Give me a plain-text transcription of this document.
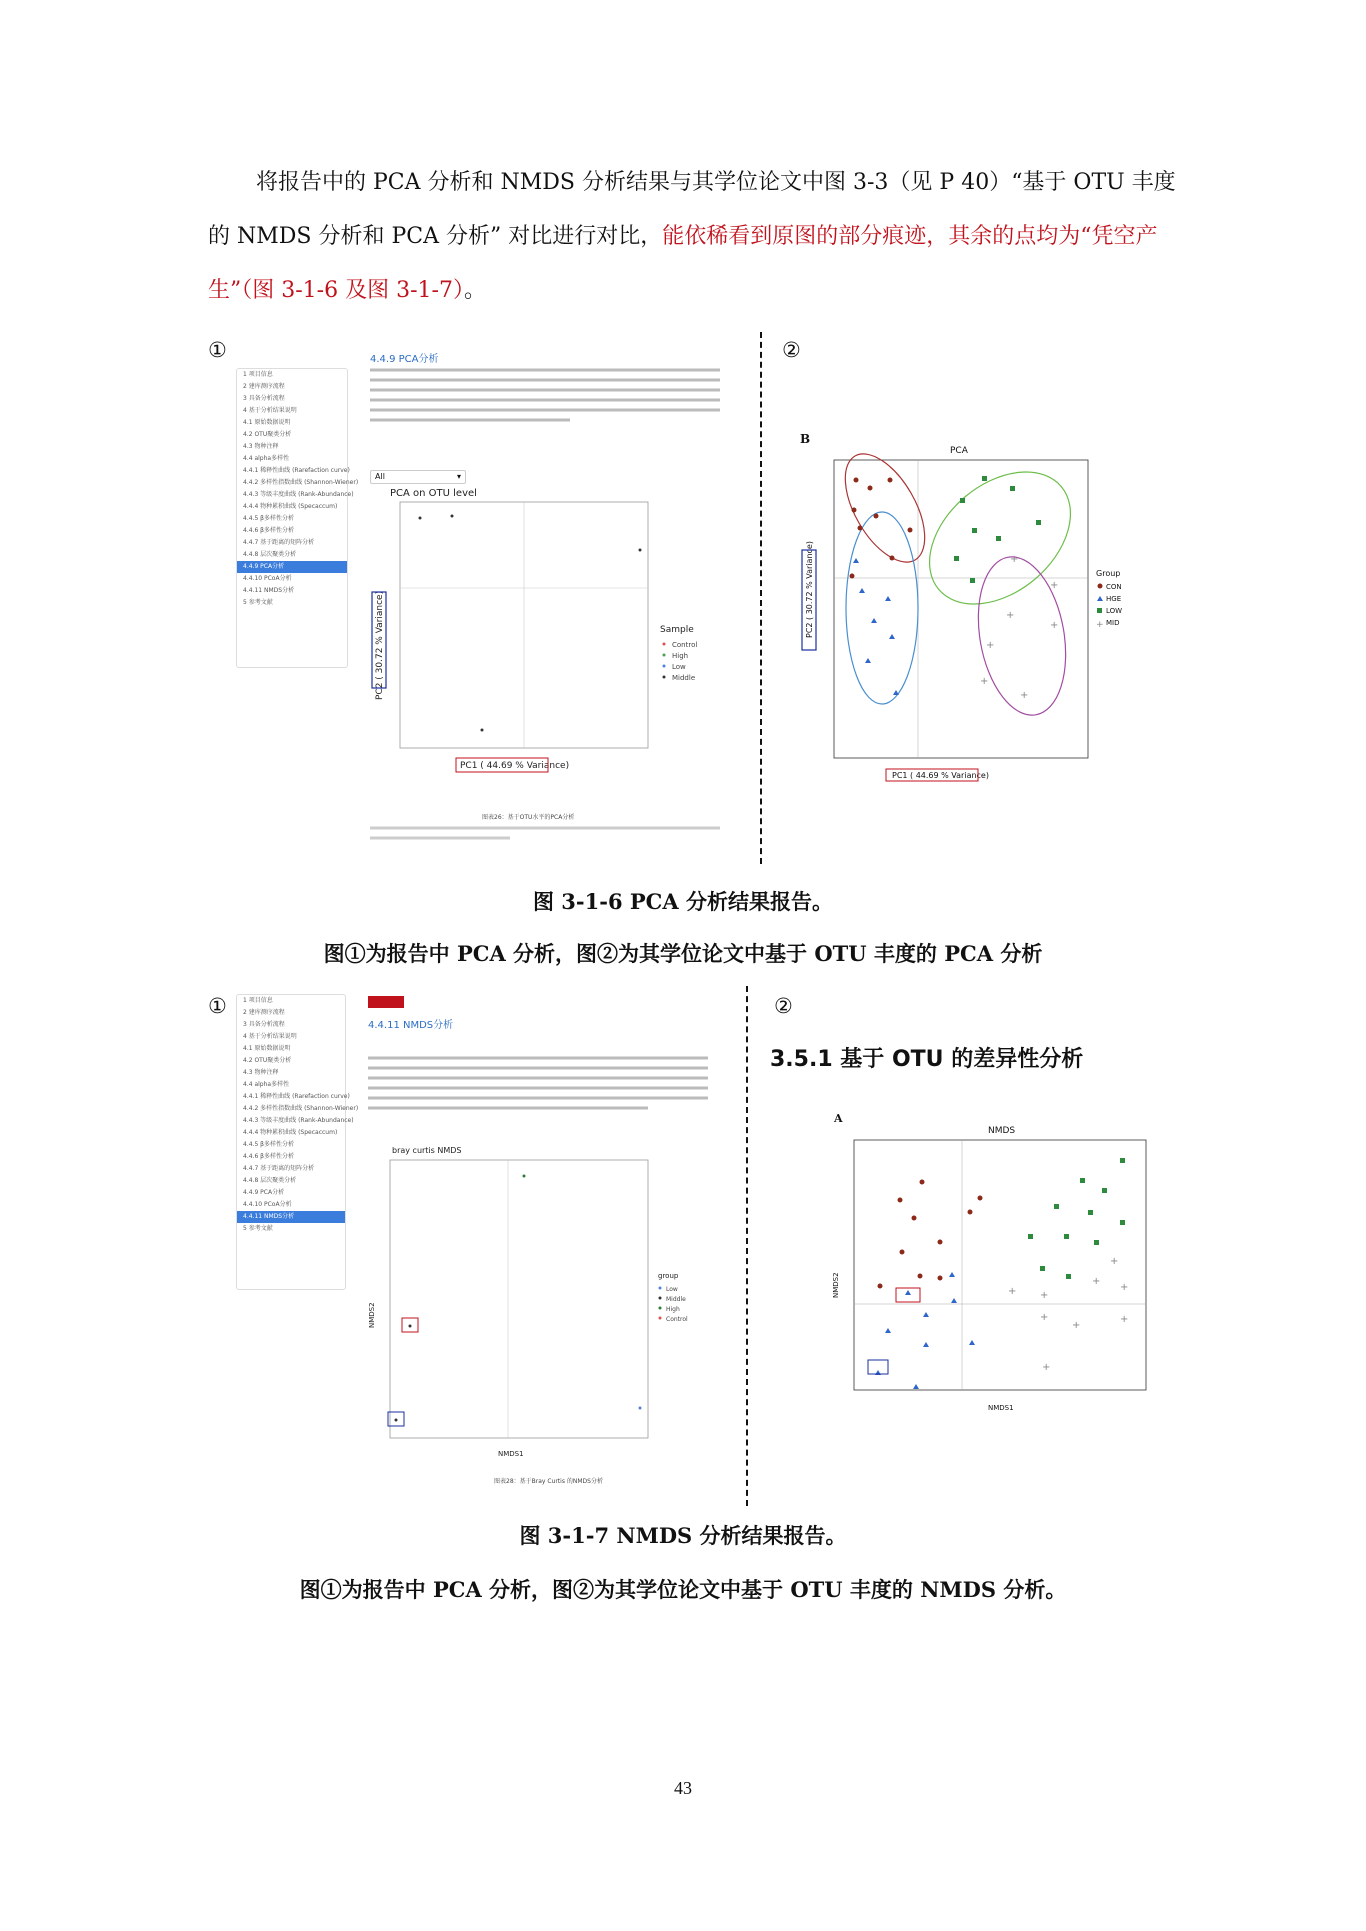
将报告中的 PCA 分析和 NMDS 分析结果与其学位论文中图 3-3（见 P 40）“基于 OTU 丰度的 NMDS 分析和 PCA 分析” 对比进行对比，能依稀看到原图的部分痕迹，其余的点均为“凭空产生”（图 3-1-6 及图 3-1-7）。
①	②
1 项目信息
2 建库测序流程
3 具备分析流程
4 基于分析结果说明
4.1 原始数据说明
4.2 OTU聚类分析
4.3 物种注释
4.4 alpha多样性
4.4.1 稀释性曲线 (Rarefaction curve)
4.4.2 多样性指数曲线 (Shannon-Wiener)
4.4.3 等级丰度曲线 (Rank-Abundance)
4.4.4 物种累积曲线 (Specaccum)
4.4.5 β多样性分析
4.4.6 β多样性分析
4.4.7 基于距离的矩阵分析
4.4.8 层次聚类分析
4.4.9 PCA分析
4.4.10 PCoA分析
4.4.11 NMDS分析
5 参考文献
4.4.9 PCA分析
All	▾
PCA on OTU level
PC1 ( 44.69 % Variance)
PC2 ( 30.72 % Variance)	Sample
Control
High
Low
Middle
图表26：基于OTU水平的PCA分析
B
PCA
+
+
+
+
+
+
+
PC1 ( 44.69 % Variance)
PC2 ( 30.72 % Variance)	Group
CON
HGE
LOW
+ MID
图 3-1-6 PCA 分析结果报告。
图①为报告中 PCA 分析，图②为其学位论文中基于 OTU 丰度的 PCA 分析
①	②
1 项目信息
2 建库测序流程
3 具备分析流程
4 基于分析结果说明
4.1 原始数据说明
4.2 OTU聚类分析
4.3 物种注释
4.4 alpha多样性
4.4.1 稀释性曲线 (Rarefaction curve)
4.4.2 多样性指数曲线 (Shannon-Wiener)
4.4.3 等级丰度曲线 (Rank-Abundance)
4.4.4 物种累积曲线 (Specaccum)
4.4.5 β多样性分析
4.4.6 β多样性分析
4.4.7 基于距离的矩阵分析
4.4.8 层次聚类分析
4.4.9 PCA分析
4.4.10 PCoA分析
4.4.11 NMDS分析
5 参考文献
4.4.11 NMDS分析
bray curtis NMDS
NMDS2
NMDS1
group
Low
Middle
High
Control
图表28：基于Bray Curtis 的NMDS分析
3.5.1 基于 OTU 的差异性分析
A
NMDS
+
+
+ +
+
+
+
+
+
NMDS2
NMDS1
图 3-1-7 NMDS 分析结果报告。
图①为报告中 PCA 分析，图②为其学位论文中基于 OTU 丰度的 NMDS 分析。
43
